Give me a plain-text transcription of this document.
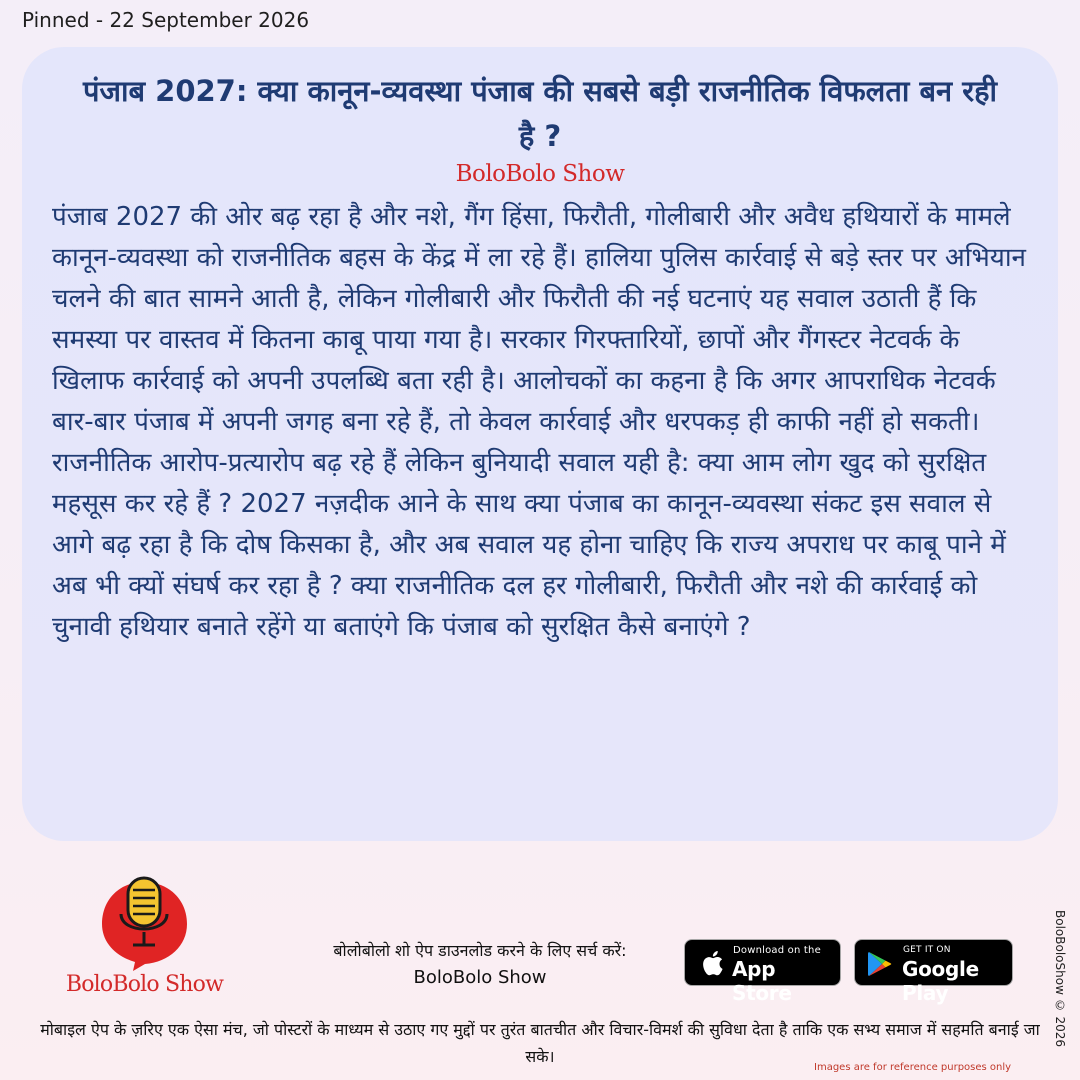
Pinned - 22 September 2026
पंजाब 2027: क्या कानून-व्यवस्था पंजाब की सबसे बड़ी राजनीतिक विफलता बन रही है ?
BoloBolo Show
पंजाब 2027 की ओर बढ़ रहा है और नशे, गैंग हिंसा, फिरौती, गोलीबारी और अवैध हथियारों के मामले कानून-व्यवस्था को राजनीतिक बहस के केंद्र में ला रहे हैं। हालिया पुलिस कार्रवाई से बड़े स्तर पर अभियान चलने की बात सामने आती है, लेकिन गोलीबारी और फिरौती की नई घटनाएं यह सवाल उठाती हैं कि समस्या पर वास्तव में कितना काबू पाया गया है। सरकार गिरफ्तारियों, छापों और गैंगस्टर नेटवर्क के खिलाफ कार्रवाई को अपनी उपलब्धि बता रही है। आलोचकों का कहना है कि अगर आपराधिक नेटवर्क बार-बार पंजाब में अपनी जगह बना रहे हैं, तो केवल कार्रवाई और धरपकड़ ही काफी नहीं हो सकती। राजनीतिक आरोप-प्रत्यारोप बढ़ रहे हैं लेकिन बुनियादी सवाल यही है: क्या आम लोग खुद को सुरक्षित महसूस कर रहे हैं ? 2027 नज़दीक आने के साथ क्या पंजाब का कानून-व्यवस्था संकट इस सवाल से आगे बढ़ रहा है कि दोष किसका है, और अब सवाल यह होना चाहिए कि राज्य अपराध पर काबू पाने में अब भी क्यों संघर्ष कर रहा है ? क्या राजनीतिक दल हर गोलीबारी, फिरौती और नशे की कार्रवाई को चुनावी हथियार बनाते रहेंगे या बताएंगे कि पंजाब को सुरक्षित कैसे बनाएंगे ?
BoloBolo Show
बोलोबोलो शो ऐप डाउनलोड करने के लिए सर्च करें:
BoloBolo Show
Download on the
App Store
GET IT ON
Google Play
मोबाइल ऐप के ज़रिए एक ऐसा मंच, जो पोस्टरों के माध्यम से उठाए गए मुद्दों पर तुरंत बातचीत और विचार-विमर्श की सुविधा देता है ताकि एक सभ्य समाज में सहमति बनाई जा सके।
BoloBoloShow © 2026
Images are for reference purposes only
